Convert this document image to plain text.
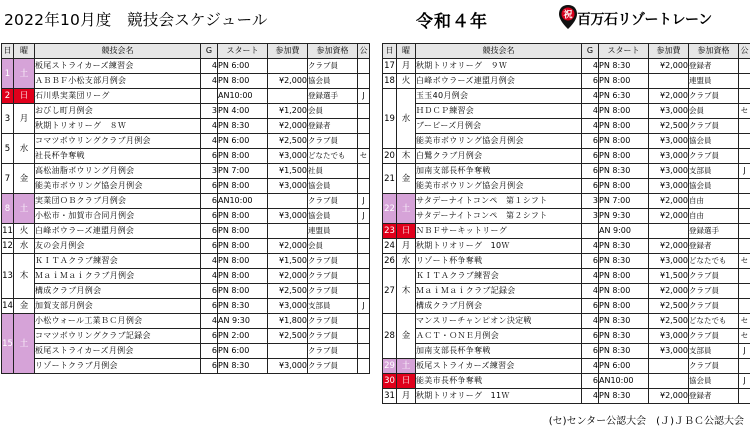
2022年10月度　競技会スケジュール	令和４年	祝 百万石リゾートレーン
日	曜	競技会名	G	スタート	参加費	参加資格	公
1	土	板尾ストライカーズ練習会	4	PN 6:00		クラブ員	
		ＡＢＢＦ小松支部月例会	4	PN 8:00	¥2,000	協会員	
2	日	石川県実業団リーグ		AN10:00		登録選手	J
3	月	おびし町月例会	3	PN 4:00	¥1,200	会員	
		秋期トリオリーグ　８Ｗ	4	PN 8:30	¥2,000	登録者	
5	水	コマツボウリングクラブ月例会	4	PN 6:00	¥2,500	クラブ員	
		社長杯争奪戦	6	PN 8:00	¥3,000	どなたでも	セ
7	金	高松油脂ボウリング月例会	3	PN 7:00	¥1,500	社員	
		能美市ボウリング協会月例会	6	PN 8:00	¥3,000	協会員	
8	土	実業団ＯＢクラブ月例会	6	AN10:00		クラブ員	J
		小松市・加賀市合同月例会	6	PN 8:00	¥3,000	協会員	J
11	火	白峰ボウラーズ連盟月例会	6	PN 8:00		連盟員	
12	水	友の会月例会	6	PN 8:00	¥2,000	会員	
13	木	ＫＩＴＡクラブ練習会	4	PN 8:00	¥1,500	クラブ員	
		ＭａｉＭａｉクラブ月例会	4	PN 8:00	¥2,000	クラブ員	
		構成クラブ月例会	6	PN 8:00	¥2,500	クラブ員	
14	金	加賀支部月例会	6	PN 8:30	¥3,000	支部員	J
15	土	小松ウォール工業ＢＣ月例会	4	AN 9:30	¥1,800	クラブ員	
		コマツボウリングクラブ記録会	6	PN 2:00	¥2,500	クラブ員	
		板尾ストライカーズ月例会	6	PN 6:00		クラブ員	
		リゾートクラブ月例会	6	PN 8:30	¥3,000	クラブ員	
日	曜	競技会名	G	スタート	参加費	参加資格	公
17	月	秋期トリオリーグ　９Ｗ	4	PN 8:30	¥2,000	登録者	
18	火	白峰ボウラーズ連盟月例会	6	PN 8:00		連盟員	
19	水	玉玉40月例会	4	PN 6:30	¥2,000	クラブ員	
		ＨＤＣＰ練習会	4	PN 8:00	¥3,000	会員	セ
		ブービーズ月例会	4	PN 8:00	¥2,500	クラブ員	
		能美市ボウリング協会月例会	6	PN 8:00	¥3,000	協会員	
20	木	白鷺クラブ月例会	6	PN 8:00	¥3,000	クラブ員	
21	金	加南支部長杯争奪戦	6	PN 8:30	¥3,000	支部員	J
		能美市ボウリング協会月例会	6	PN 8:00	¥3,000	協会員	
22	土	サタデーナイトコンペ　第１シフト	3	PN 7:00	¥2,000	自由	
		サタデーナイトコンペ　第２シフト	3	PN 9:30	¥2,000	自由	
23	日	ＮＢＦサーキットリーグ		AN 9:00		登録選手	
24	月	秋期トリオリーグ　10Ｗ	4	PN 8:30	¥2,000	登録者	
26	水	リゾート杯争奪戦	6	PN 8:30	¥3,000	どなたでも	セ
27	木	ＫＩＴＡクラブ練習会	4	PN 8:00	¥1,500	クラブ員	
		ＭａｉＭａｉクラブ記録会	4	PN 8:00	¥2,000	クラブ員	
		構成クラブ月例会	6	PN 8:00	¥2,500	クラブ員	
28	金	マンスリーチャンピオン決定戦	4	PN 8:30	¥2,500	どなたでも	セ
		ＡＣＴ・ＯＮＥ月例会	6	PN 8:30	¥3,000	クラブ員	セ
		加南支部長杯争奪戦	6	PN 8:30	¥3,000	支部員	J
29	土	板尾ストライカーズ練習会	4	PN 6:00		クラブ員	
30	日	能美市長杯争奪戦	6	AN10:00		協会員	J
31	月	秋期トリオリーグ　11Ｗ	4	PN 8:30	¥2,000	登録者	
(セ)センター公認大会　(Ｊ)ＪＢＣ公認大会
